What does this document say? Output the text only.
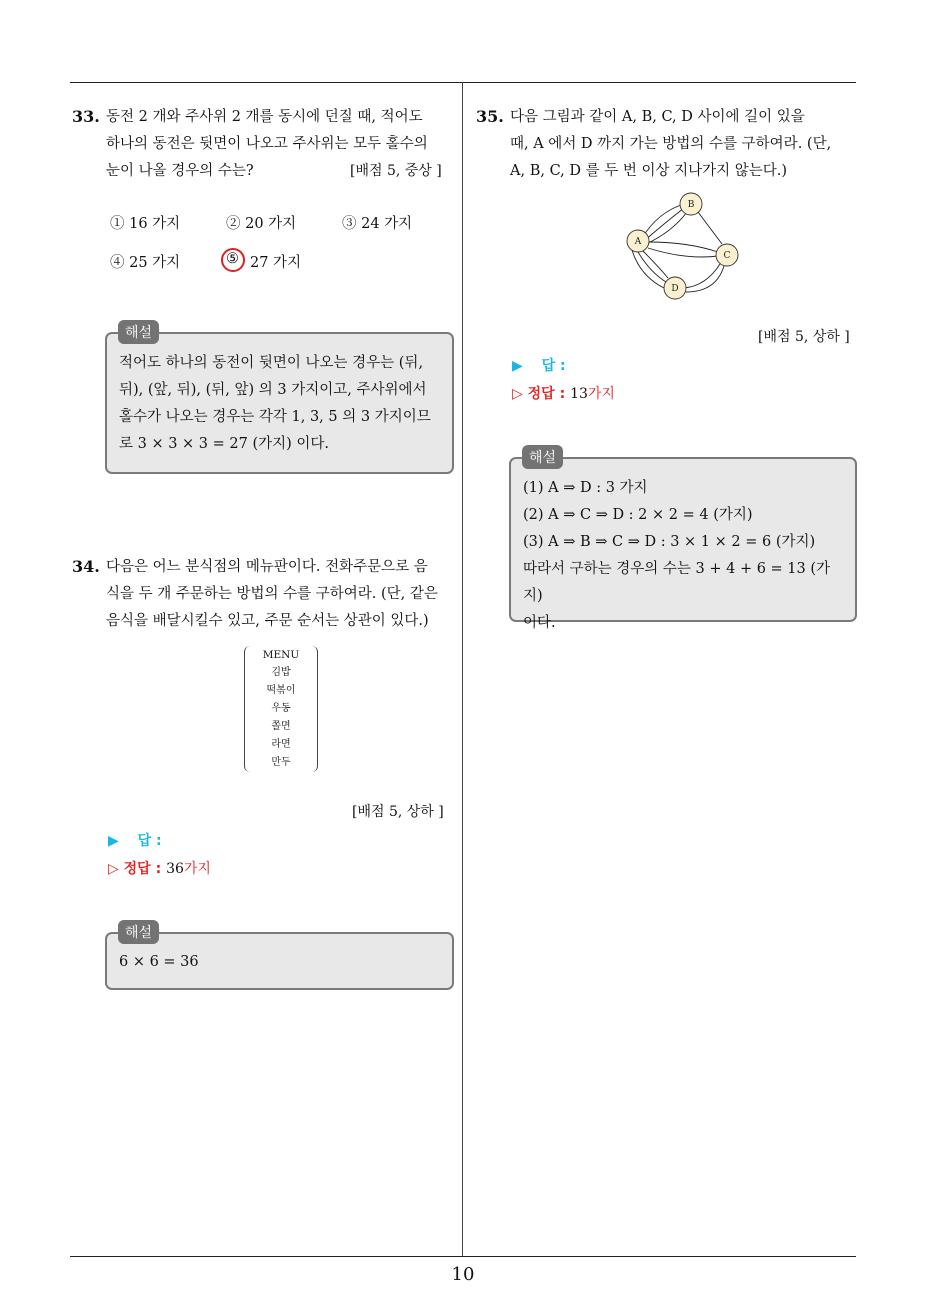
33. 동전 2 개와 주사위 2 개를 동시에 던질 때, 적어도
하나의 동전은 뒷면이 나오고 주사위는 모두 홀수의
눈이 나올 경우의 수는?	[배점 5, 중상 ]
① 16 가지	② 20 가지	③ 24 가지
④ 25 가지	⑤ 27 가지
적어도 하나의 동전이 뒷면이 나오는 경우는 (뒤,
뒤), (앞, 뒤), (뒤, 앞) 의 3 가지이고, 주사위에서
홀수가 나오는 경우는 각각 1, 3, 5 의 3 가지이므
로 3 × 3 × 3 = 27 (가지) 이다.
해설
34. 다음은 어느 분식점의 메뉴판이다. 전화주문으로 음
식을 두 개 주문하는 방법의 수를 구하여라. (단, 같은
음식을 배달시킬수 있고, 주문 순서는 상관이 있다.)
MENU
김밥
떡볶이
우동
쫄면
라면
만두
[배점 5, 상하 ]
▶ 답 :
▷ 정답 : 36가지
6 × 6 = 36
해설
35. 다음 그림과 같이 A, B, C, D 사이에 길이 있을
때, A 에서 D 까지 가는 방법의 수를 구하여라. (단,
A, B, C, D 를 두 번 이상 지나가지 않는다.)
A
B
C
D
[배점 5, 상하 ]
▶ 답 :
▷ 정답 : 13가지
(1) A ⇒ D : 3 가지
(2) A ⇒ C ⇒ D : 2 × 2 = 4 (가지)
(3) A ⇒ B ⇒ C ⇒ D : 3 × 1 × 2 = 6 (가지)
따라서 구하는 경우의 수는 3 + 4 + 6 = 13 (가지)
이다.
해설
10
